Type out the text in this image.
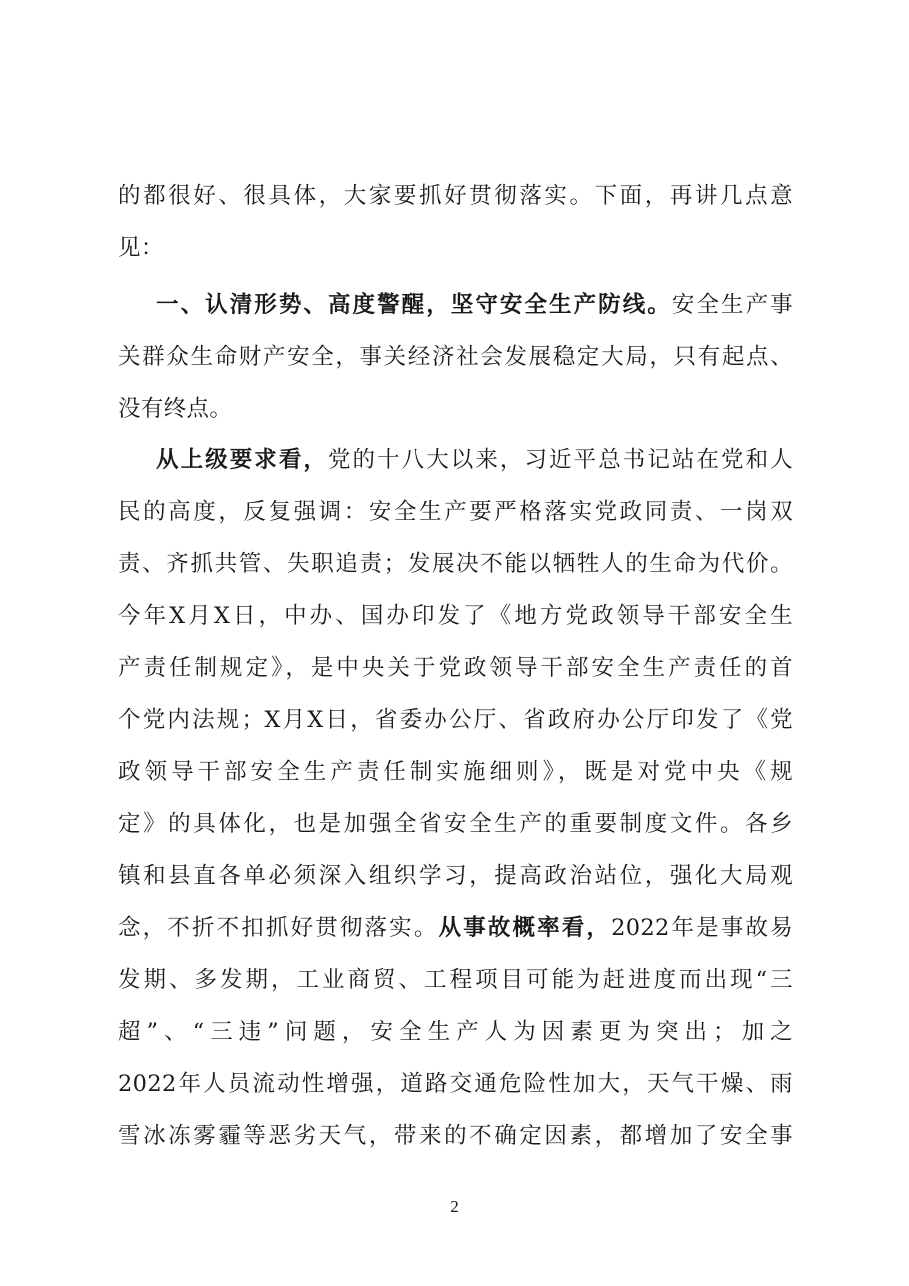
的都很好、很具体，大家要抓好贯彻落实。下面，再讲几点意
见：
一、认清形势、高度警醒，坚守安全生产防线。安全生产事
关群众生命财产安全，事关经济社会发展稳定大局，只有起点、
没有终点。
从上级要求看，党的十八大以来，习近平总书记站在党和人
民的高度，反复强调：安全生产要严格落实党政同责、一岗双
责、齐抓共管、失职追责；发展决不能以牺牲人的生命为代价。
今年X月X日，中办、国办印发了《地方党政领导干部安全生
产责任制规定》，是中央关于党政领导干部安全生产责任的首
个党内法规；X月X日，省委办公厅、省政府办公厅印发了《党
政领导干部安全生产责任制实施细则》，既是对党中央《规
定》的具体化，也是加强全省安全生产的重要制度文件。各乡
镇和县直各单必须深入组织学习，提高政治站位，强化大局观
念，不折不扣抓好贯彻落实。从事故概率看，2022年是事故易
发期、多发期，工业商贸、工程项目可能为赶进度而出现“三
超”、“三违”问题，安全生产人为因素更为突出；加之
2022年人员流动性增强，道路交通危险性加大，天气干燥、雨
雪冰冻雾霾等恶劣天气，带来的不确定因素，都增加了安全事
2
